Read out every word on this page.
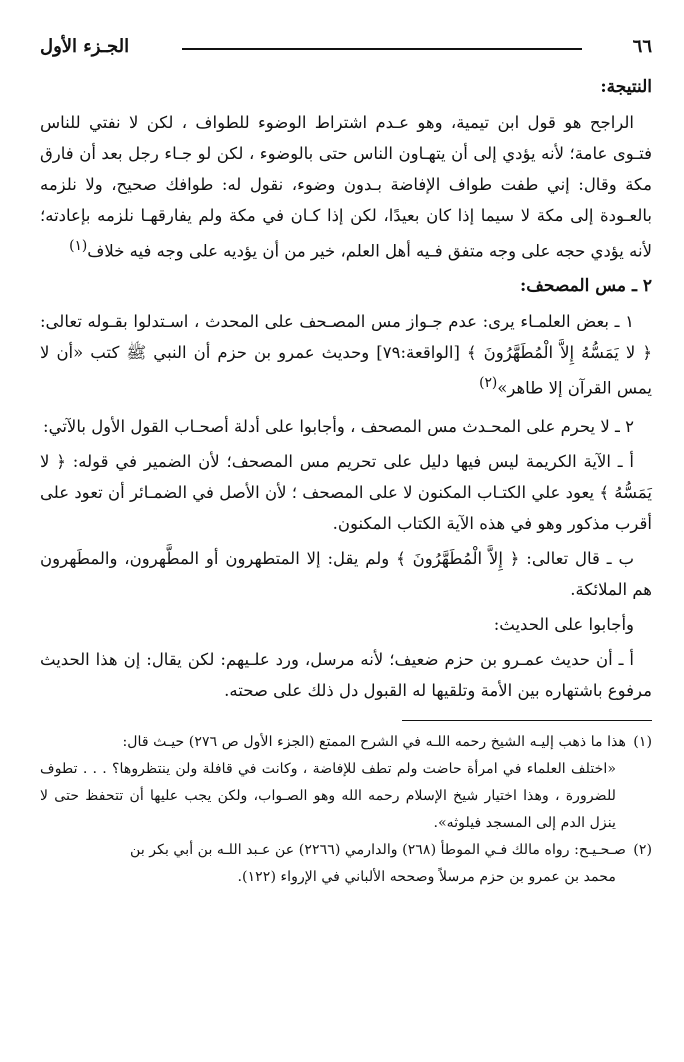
الجـزء الأول	٦٦

النتيجة:

الراجح هو قول ابن تيمية، وهو عـدم اشتراط الوضوء للطواف ، لكن لا نفتي للناس فتـوى عامة؛ لأنه يؤدي إلى أن يتهـاون الناس حتى بالوضوء ، لكن لو جـاء رجل بعد أن فارق مكة وقال: إني طفت طواف الإفاضة بـدون وضوء، نقول له: طوافك صحيح، ولا نلزمه بالعـودة إلى مكة لا سيما إذا كان بعيدًا، لكن إذا كـان في مكة ولم يفارقهـا نلزمه بإعادته؛ لأنه يؤدي حجه على وجه متفق فـيه أهل العلم، خير من أن يؤديه على وجه فيه خلاف$^{(١)}$

٢ ـ مس المصحف:

١ ـ بعض العلمـاء يرى: عدم جـواز مس المصـحف على المحدث ، اسـتدلوا بقـوله تعالى: ﴿ لا يَمَسُّهُ إِلاَّ الْمُطَهَّرُونَ ﴾ [الواقعة:٧٩] وحديث عمرو بن حزم أن النبي ﷺ كتب «أن لا يمس القرآن إلا طاهر»$^{(٢)}$

٢ ـ لا يحرم على المحـدث مس المصحف ، وأجابوا على أدلة أصحـاب القول الأول بالآتي:

أ ـ الآية الكريمة ليس فيها دليل على تحريم مس المصحف؛ لأن الضمير في قوله: ﴿ لا يَمَسُّهُ ﴾ يعود علي الكتـاب المكنون لا على المصحف ؛ لأن الأصل في الضمـائر أن تعود على أقرب مذكور وهو في هذه الآية الكتاب المكنون.

ب ـ قال تعالى: ﴿ إِلاَّ الْمُطَهَّرُونَ ﴾ ولم يقل: إلا المتطهرون أو المطَّهرون، والمطَهرون هم الملائكة.

وأجابوا على الحديث:

أ ـ أن حديث عمـرو بن حزم ضعيف؛ لأنه مرسل، ورد علـيهم: لكن يقال: إن هذا الحديث مرفوع باشتهاره بين الأمة وتلقيها له القبول دل ذلك على صحته.

(١)هذا ما ذهب إليـه الشيخ رحمه اللـه في الشرح الممتع (الجزء الأول ص ٢٧٦) حيـث قال:
«اختلف العلماء في امرأة حاضت ولم تطف للإفاضة ، وكانت في قافلة ولن ينتظروها؟ . . . تطوف للضرورة ، وهذا اختيار شيخ الإسلام رحمه الله وهو الصـواب، ولكن يجب عليها أن تتحفظ حتى لا ينزل الدم إلى المسجد فيلوثه».
(٢)صـحـيـح: رواه مالك فـي الموطأ (٢٦٨) والدارمي (٢٢٦٦) عن عـبد اللـه بن أبي بكر بن
محمد بن عمرو بن حزم مرسلاً وصححه الألباني في الإرواء (١٢٢).
